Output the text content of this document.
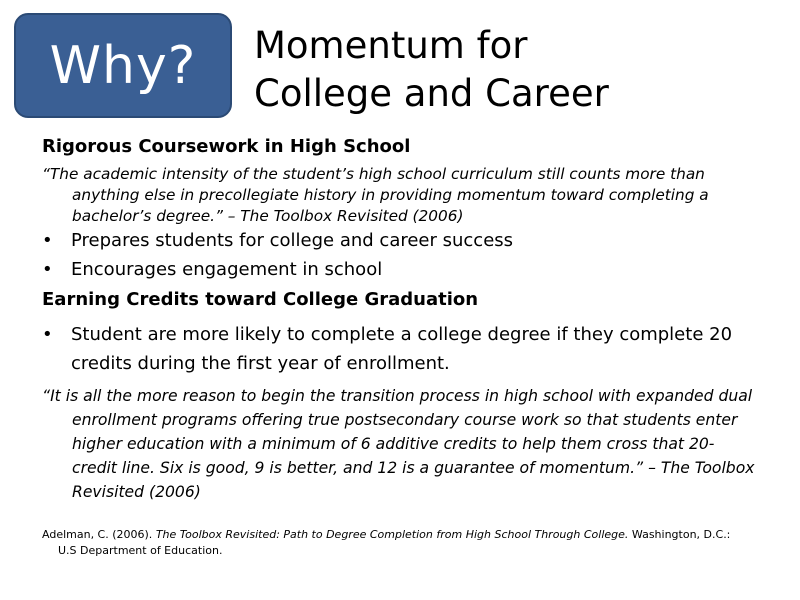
Why? Momentum for
College and Career
Rigorous Coursework in High School
“The academic intensity of the student’s high school curriculum still counts more than anything else in precollegiate history in providing momentum toward completing a bachelor’s degree.” – The Toolbox Revisited (2006)
•	Prepares students for college and career success
•	Encourages engagement in school
Earning Credits toward College Graduation
•	Student are more likely to complete a college degree if they complete 20 credits during the first year of enrollment.
“It is all the more reason to begin the transition process in high school with expanded dual enrollment programs offering true postsecondary course work so that students enter higher education with a minimum of 6 additive credits to help them cross that 20-credit line. Six is good, 9 is better, and 12 is a guarantee of momentum.” – The Toolbox Revisited (2006)
Adelman, C. (2006). The Toolbox Revisited: Path to Degree Completion from High School Through College. Washington, D.C.: U.S Department of Education.
